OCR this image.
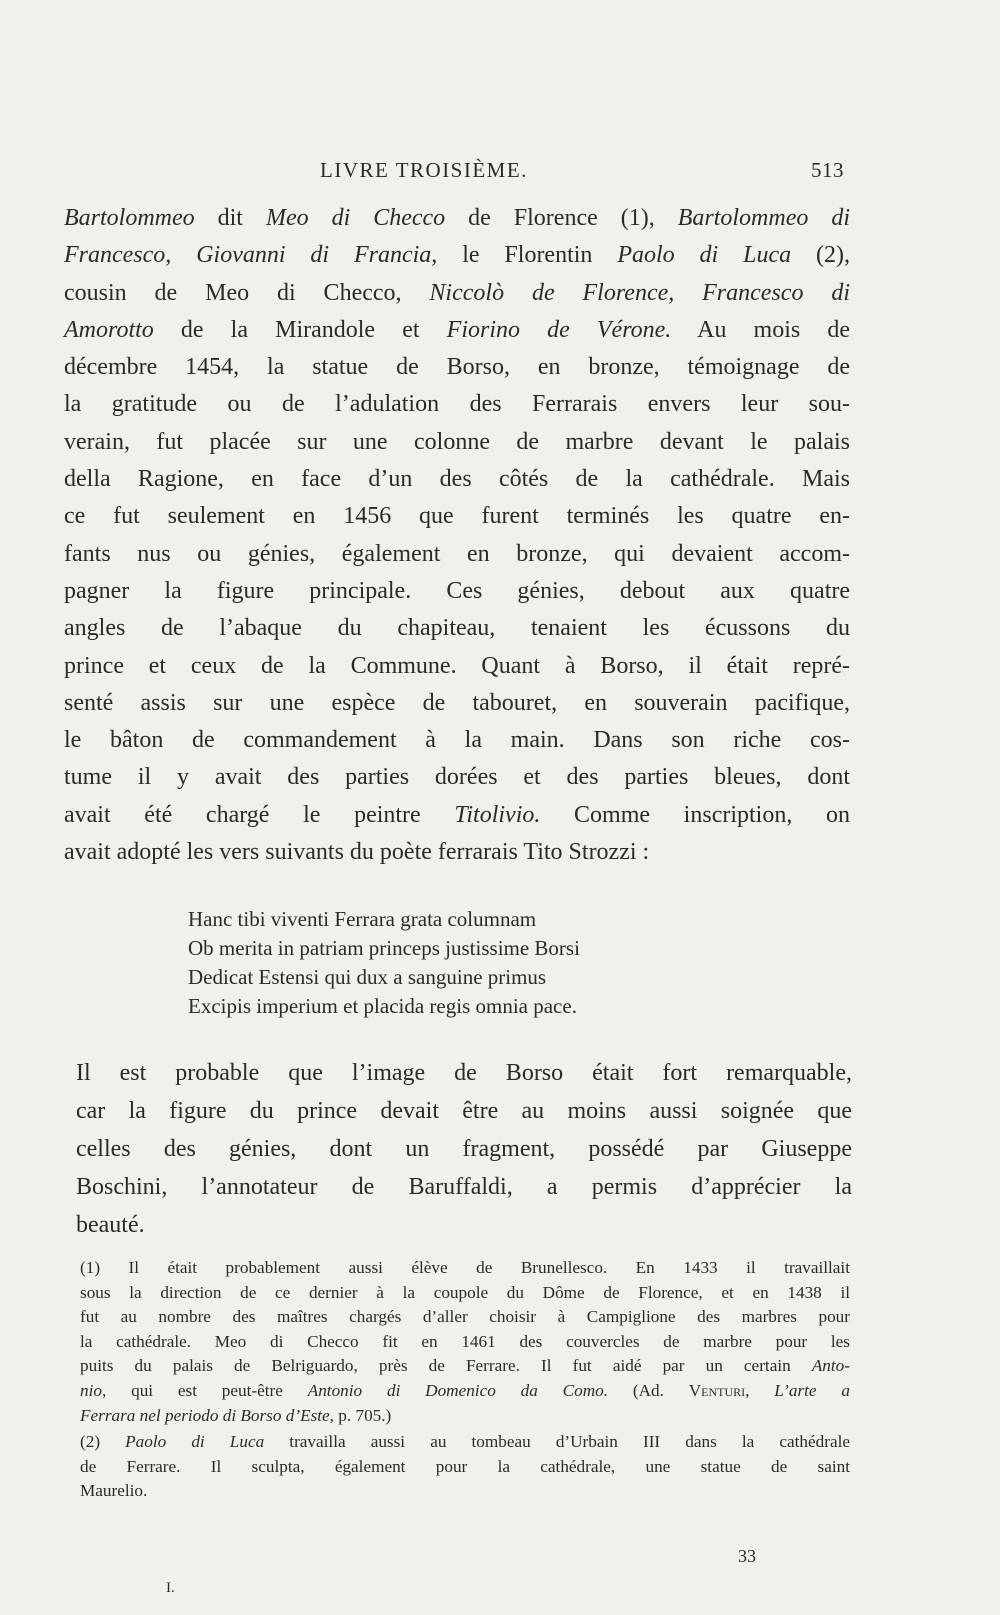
LIVRE TROISIÈME.	513
Bartolommeo dit Meo di Checco de Florence (1), Bartolommeo di
Francesco, Giovanni di Francia, le Florentin Paolo di Luca (2),
cousin de Meo di Checco, Niccolò de Florence, Francesco di
Amorotto de la Mirandole et Fiorino de Vérone. Au mois de
décembre 1454, la statue de Borso, en bronze, témoignage de
la gratitude ou de l’adulation des Ferrarais envers leur sou-
verain, fut placée sur une colonne de marbre devant le palais
della Ragione, en face d’un des côtés de la cathédrale. Mais
ce fut seulement en 1456 que furent terminés les quatre en-
fants nus ou génies, également en bronze, qui devaient accom-
pagner la figure principale. Ces génies, debout aux quatre
angles de l’abaque du chapiteau, tenaient les écussons du
prince et ceux de la Commune. Quant à Borso, il était repré-
senté assis sur une espèce de tabouret, en souverain pacifique,
le bâton de commandement à la main. Dans son riche cos-
tume il y avait des parties dorées et des parties bleues, dont
avait été chargé le peintre Titolivio. Comme inscription, on
avait adopté les vers suivants du poète ferrarais Tito Strozzi :
Hanc tibi viventi Ferrara grata columnam
Ob merita in patriam princeps justissime Borsi
Dedicat Estensi qui dux a sanguine primus
Excipis imperium et placida regis omnia pace.
Il est probable que l’image de Borso était fort remarquable,
car la figure du prince devait être au moins aussi soignée que
celles des génies, dont un fragment, possédé par Giuseppe
Boschini, l’annotateur de Baruffaldi, a permis d’apprécier la
beauté.
(1) Il était probablement aussi élève de Brunellesco. En 1433 il travaillait
sous la direction de ce dernier à la coupole du Dôme de Florence, et en 1438 il
fut au nombre des maîtres chargés d’aller choisir à Campiglione des marbres pour
la cathédrale. Meo di Checco fit en 1461 des couvercles de marbre pour les
puits du palais de Belriguardo, près de Ferrare. Il fut aidé par un certain Anto-
nio, qui est peut-être Antonio di Domenico da Como. (Ad. Venturi, L’arte a
Ferrara nel periodo di Borso d’Este, p. 705.)
(2) Paolo di Luca travailla aussi au tombeau d’Urbain III dans la cathédrale
de Ferrare. Il sculpta, également pour la cathédrale, une statue de saint
Maurelio.
33
I.
